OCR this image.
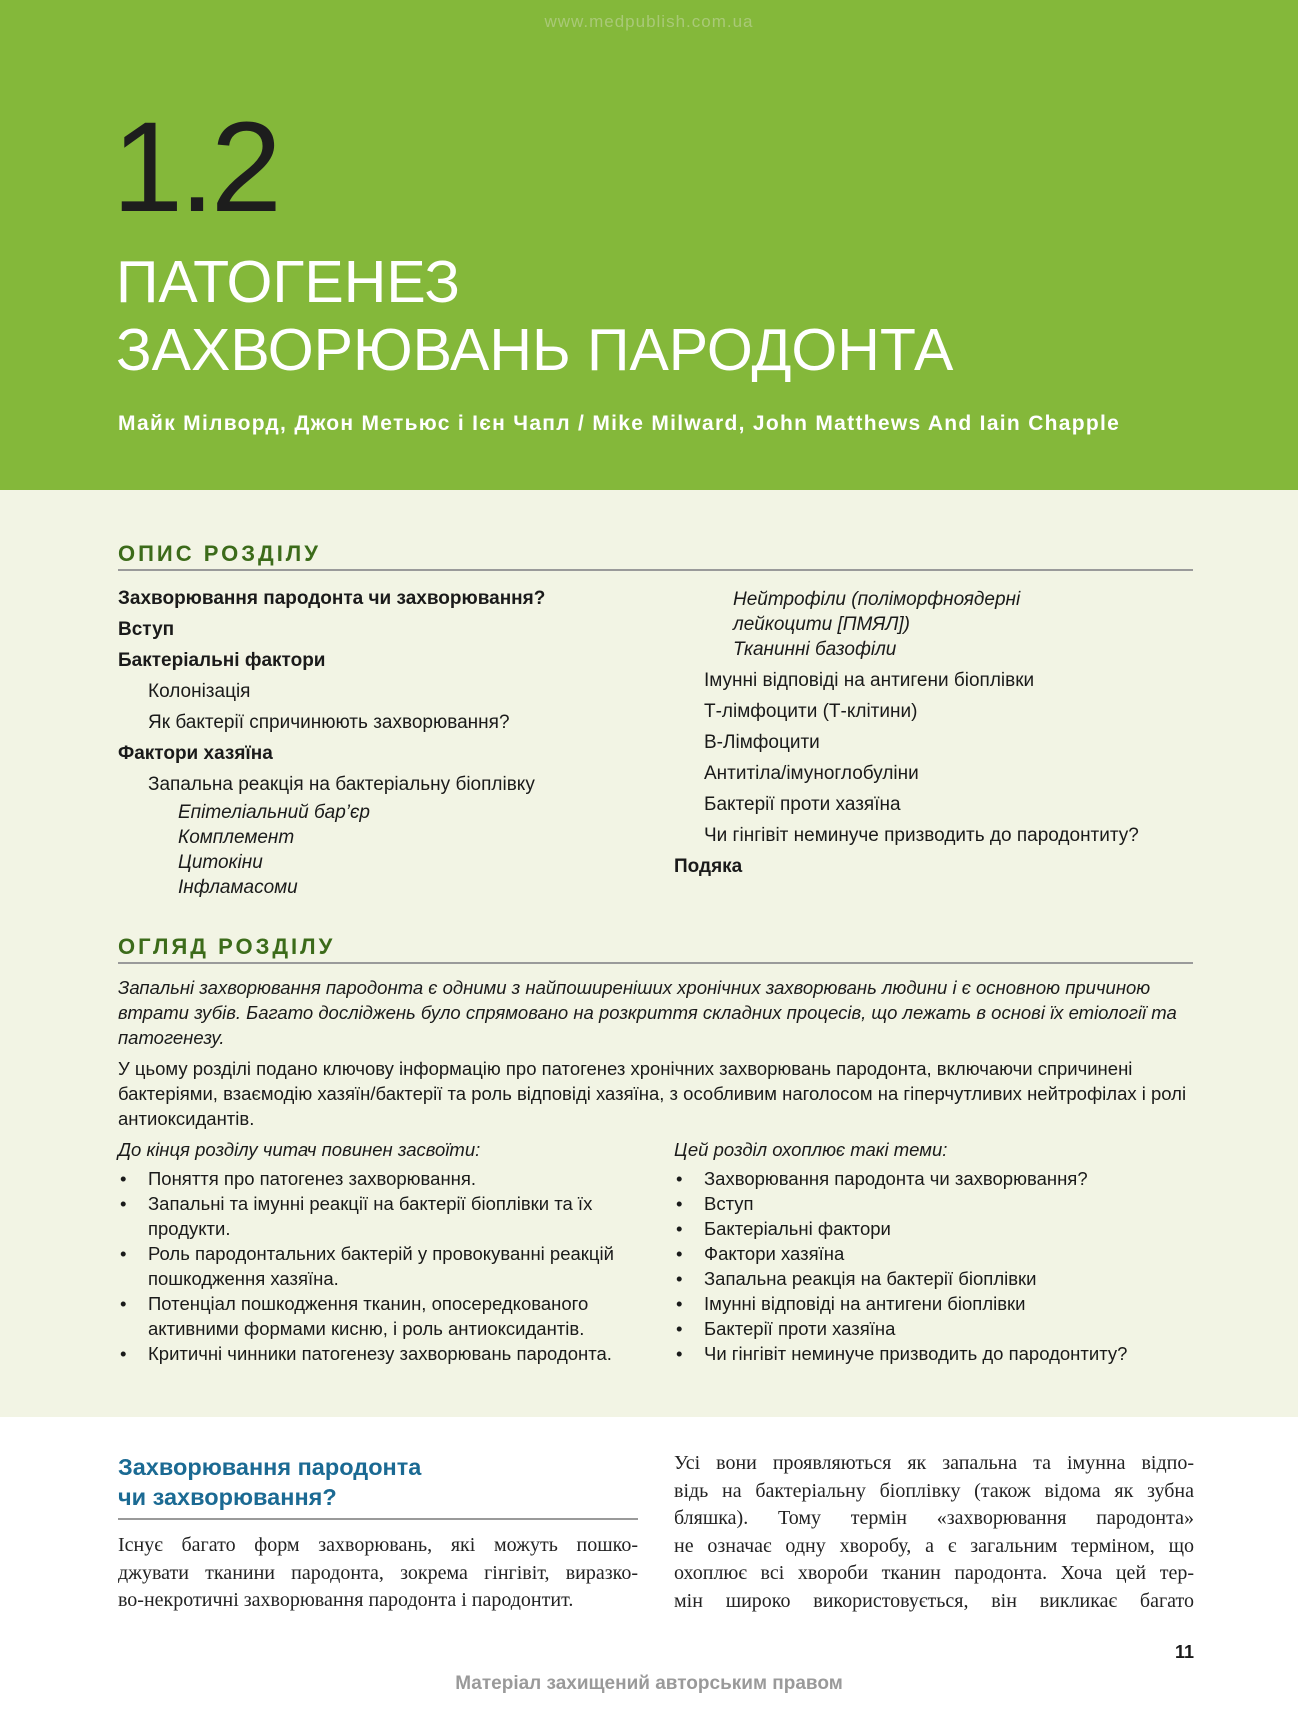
www.medpublish.com.ua
1.2
ПАТОГЕНЕЗ
ЗАХВОРЮВАНЬ ПАРОДОНТА
Майк Мілворд, Джон Метьюс і Ієн Чапл / Mike Milward, John Matthews And Iain Chapple
ОПИС РОЗДІЛУ
Захворювання пародонта чи захворювання?
Вступ
Бактеріальні фактори
Колонізація
Як бактерії спричинюють захворювання?
Фактори хазяїна
Запальна реакція на бактеріальну біоплівку
Епітеліальний бар’єр
Комплемент
Цитокіни
Інфламасоми
Нейтрофіли (поліморфноядерні
лейкоцити [ПМЯЛ])
Тканинні базофіли
Імунні відповіді на антигени біоплівки
Т-лімфоцити (Т-клітини)
В-Лімфоцити
Антитіла/імуноглобуліни
Бактерії проти хазяїна
Чи гінгівіт неминуче призводить до пародонтиту?
Подяка
ОГЛЯД РОЗДІЛУ

Запальні захворювання пародонта є одними з найпоширеніших хронічних захворювань людини і є основною причиною втрати зубів. Багато досліджень було спрямовано на розкриття складних процесів, що лежать в основі їх етіології та патогенезу.

У цьому розділі подано ключову інформацію про патогенез хронічних захворювань пародонта, включаючи спричинені бактеріями, взаємодію хазяїн/бактерії та роль відповіді хазяїна, з особливим наголосом на гіперчутливих нейтрофілах і ролі антиоксидантів.

До кінця розділу читач повинен засвоїти:
• Поняття про патогенез захворювання.
• Запальні та імунні реакції на бактерії біоплівки та їх продукти.
• Роль пародонтальних бактерій у провокуванні реакцій пошкодження хазяїна.
• Потенціал пошкодження тканин, опосередкованого активними формами кисню, і роль антиоксидантів.
• Критичні чинники патогенезу захворювань пародонта.
Цей розділ охоплює такі теми:
• Захворювання пародонта чи захворювання?
• Вступ
• Бактеріальні фактори
• Фактори хазяїна
• Запальна реакція на бактерії біоплівки
• Імунні відповіді на антигени біоплівки
• Бактерії проти хазяїна
• Чи гінгівіт неминуче призводить до пародонтиту?
Захворювання пародонта
чи захворювання?
Існує багато форм захворювань, які можуть пошко-
джувати тканини пародонта, зокрема гінгівіт, виразко-
во-некротичні захворювання пародонта і пародонтит.
Усі вони проявляються як запальна та імунна відпо-
відь на бактеріальну біоплівку (також відома як зубна
бляшка). Тому термін «захворювання пародонта»
не означає одну хворобу, а є загальним терміном, що
охоплює всі хвороби тканин пародонта. Хоча цей тер-
мін широко використовується, він викликає багато
11
Матеріал захищений авторським правом
